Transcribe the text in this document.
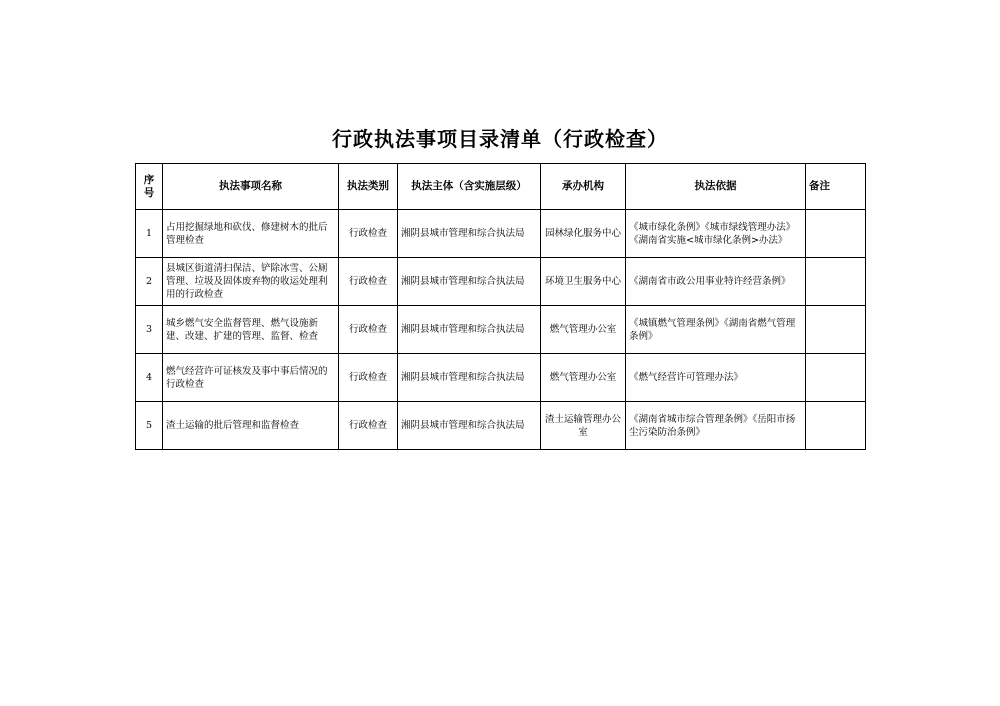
行政执法事项目录清单（行政检查）
序号	执法事项名称	执法类别	执法主体（含实施层级）	承办机构	执法依据	备注
1	占用挖掘绿地和砍伐、修建树木的批后管理检查	行政检查	湘阴县城市管理和综合执法局	园林绿化服务中心	《城市绿化条例》《城市绿线管理办法》《湖南省实施<城市绿化条例>办法》	
2	县城区街道清扫保洁、铲除冰雪、公厕管理、垃圾及固体废弃物的收运处理利用的行政检查	行政检查	湘阴县城市管理和综合执法局	环境卫生服务中心	《湖南省市政公用事业特许经营条例》	
3	城乡燃气安全监督管理、燃气设施新建、改建、扩建的管理、监督、检查	行政检查	湘阴县城市管理和综合执法局	燃气管理办公室	《城镇燃气管理条例》《湖南省燃气管理条例》	
4	燃气经营许可证核发及事中事后情况的行政检查	行政检查	湘阴县城市管理和综合执法局	燃气管理办公室	《燃气经营许可管理办法》	
5	渣土运输的批后管理和监督检查	行政检查	湘阴县城市管理和综合执法局	渣土运输管理办公室	《湖南省城市综合管理条例》《岳阳市扬尘污染防治条例》	
